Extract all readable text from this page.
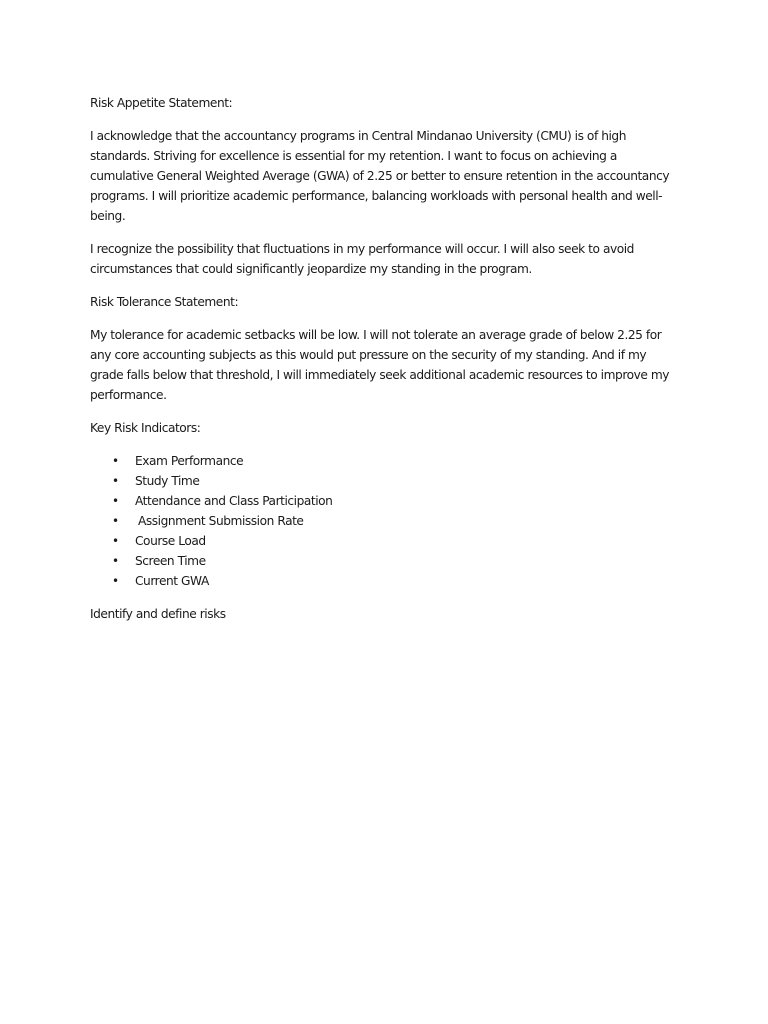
Risk Appetite Statement:

I acknowledge that the accountancy programs in Central Mindanao University (CMU) is of high standards. Striving for excellence is essential for my retention. I want to focus on achieving a cumulative General Weighted Average (GWA) of 2.25 or better to ensure retention in the accountancy programs. I will prioritize academic performance, balancing workloads with personal health and well-being.

I recognize the possibility that fluctuations in my performance will occur. I will also seek to avoid circumstances that could significantly jeopardize my standing in the program.

Risk Tolerance Statement:

My tolerance for academic setbacks will be low. I will not tolerate an average grade of below 2.25 for any core accounting subjects as this would put pressure on the security of my standing. And if my grade falls below that threshold, I will immediately seek additional academic resources to improve my performance.

Key Risk Indicators:

• Exam Performance
• Study Time
• Attendance and Class Participation
• Assignment Submission Rate
• Course Load
• Screen Time
• Current GWA

Identify and define risks
